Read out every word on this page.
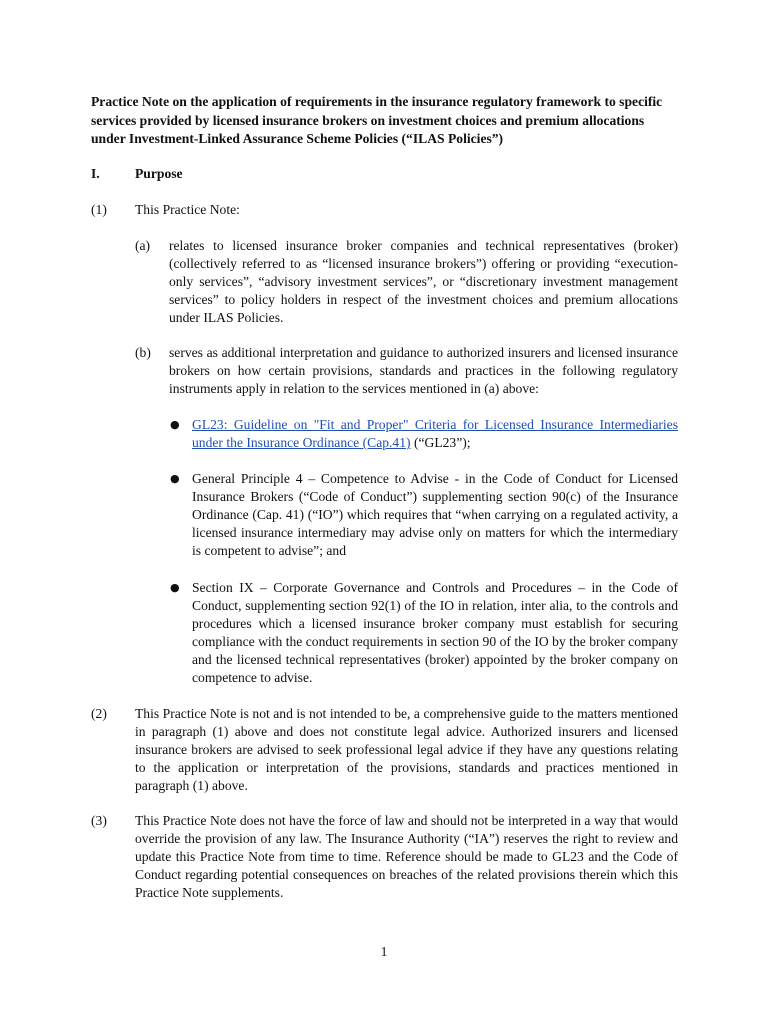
Practice Note on the application of requirements in the insurance regulatory framework to specific services provided by licensed insurance brokers on investment choices and premium allocations under Investment-Linked Assurance Scheme Policies (“ILAS Policies”)
I.	Purpose
(1) This Practice Note:
(a) relates to licensed insurance broker companies and technical representatives (broker) (collectively referred to as “licensed insurance brokers”) offering or providing “execution-only services”, “advisory investment services”, or “discretionary investment management services” to policy holders in respect of the investment choices and premium allocations under ILAS Policies.
(b) serves as additional interpretation and guidance to authorized insurers and licensed insurance brokers on how certain provisions, standards and practices in the following regulatory instruments apply in relation to the services mentioned in (a) above:
● GL23: Guideline on "Fit and Proper" Criteria for Licensed Insurance Intermediaries under the Insurance Ordinance (Cap.41) (“GL23”);
● General Principle 4 – Competence to Advise - in the Code of Conduct for Licensed Insurance Brokers (“Code of Conduct”) supplementing section 90(c) of the Insurance Ordinance (Cap. 41) (“IO”) which requires that “when carrying on a regulated activity, a licensed insurance intermediary may advise only on matters for which the intermediary is competent to advise”; and
● Section IX – Corporate Governance and Controls and Procedures – in the Code of Conduct, supplementing section 92(1) of the IO in relation, inter alia, to the controls and procedures which a licensed insurance broker company must establish for securing compliance with the conduct requirements in section 90 of the IO by the broker company and the licensed technical representatives (broker) appointed by the broker company on competence to advise.
(2) This Practice Note is not and is not intended to be, a comprehensive guide to the matters mentioned in paragraph (1) above and does not constitute legal advice. Authorized insurers and licensed insurance brokers are advised to seek professional legal advice if they have any questions relating to the application or interpretation of the provisions, standards and practices mentioned in paragraph (1) above.
(3) This Practice Note does not have the force of law and should not be interpreted in a way that would override the provision of any law. The Insurance Authority (“IA”) reserves the right to review and update this Practice Note from time to time. Reference should be made to GL23 and the Code of Conduct regarding potential consequences on breaches of the related provisions therein which this Practice Note supplements.
1
